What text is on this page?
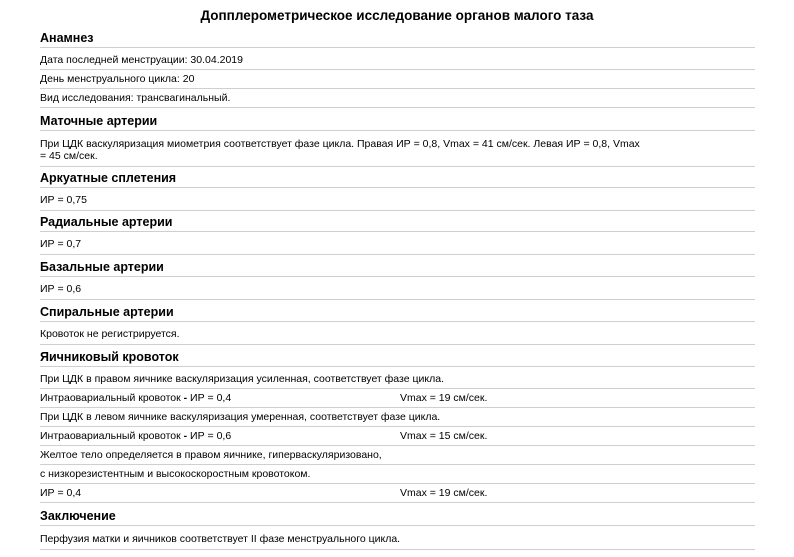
Допплерометрическое исследование органов малого таза
Анамнез
Дата последней менструации: 30.04.2019
День менструального цикла: 20
Вид исследования: трансвагинальный.
Маточные артерии
При ЦДК васкуляризация миометрия соответствует фазе цикла. Правая ИР = 0,8, Vmax = 41 см/сек. Левая ИР = 0,8, Vmax
= 45 см/сек.
Аркуатные сплетения
ИР = 0,75
Радиальные артерии
ИР = 0,7
Базальные артерии
ИР = 0,6
Спиральные артерии
Кровоток не регистрируется.
Яичниковый кровоток
При ЦДК в правом яичнике васкуляризация усиленная, соответствует фазе цикла.
Интраовариальный кровоток - ИР = 0,4	Vmax = 19 см/сек.
При ЦДК в левом яичнике васкуляризация умеренная, соответствует фазе цикла.
Интраовариальный кровоток - ИР = 0,6	Vmax = 15 см/сек.
Желтое тело определяется в правом яичнике, гиперваскуляризовано,
с низкорезистентным и высокоскоростным кровотоком.
ИР = 0,4	Vmax = 19 см/сек.
Заключение
Перфузия матки и яичников соответствует II фазе менструального цикла.
